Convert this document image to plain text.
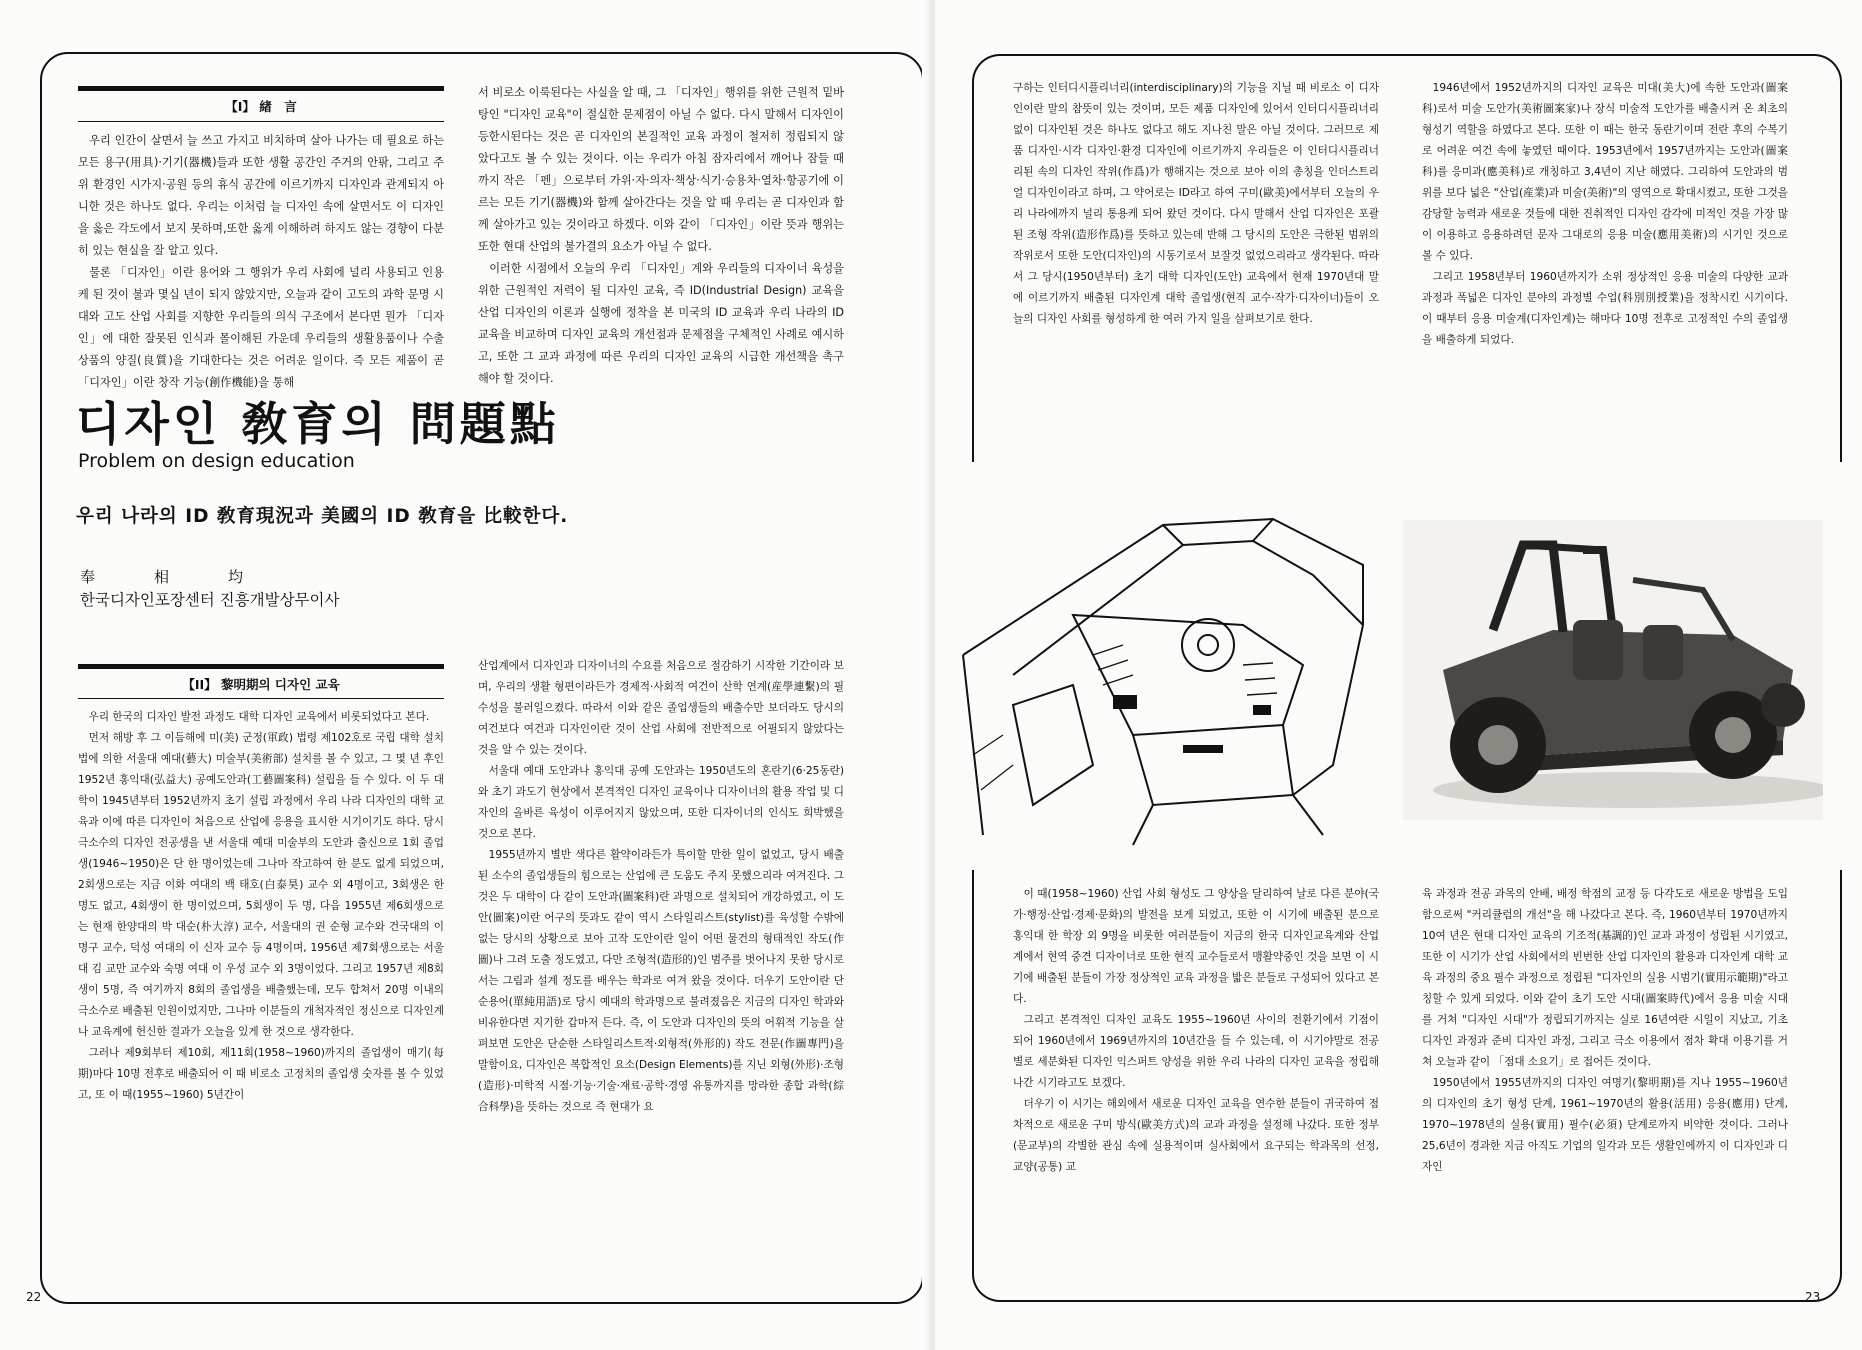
【I】 緖　言

우리 인간이 살면서 늘 쓰고 가지고 비치하며 살아 나가는 데 필요로 하는 모든 용구(用具)·기기(器機)들과 또한 생활 공간인 주거의 안팎, 그리고 주위 환경인 시가지·공원 등의 휴식 공간에 이르기까지 디자인과 관계되지 아니한 것은 하나도 없다. 우리는 이처럼 늘 디자인 속에 살면서도 이 디자인을 옳은 각도에서 보지 못하며,또한 옳게 이해하려 하지도 않는 경향이 다분히 있는 현실을 잘 알고 있다.

물론 「디자인」이란 용어와 그 행위가 우리 사회에 널리 사용되고 인용케 된 것이 불과 몇십 년이 되지 않았지만, 오늘과 같이 고도의 과학 문명 시대와 고도 산업 사회를 지향한 우리들의 의식 구조에서 본다면 뭔가 「디자인」에 대한 잘못된 인식과 몰이해된 가운데 우리들의 생활용품이나 수출 상품의 양질(良質)을 기대한다는 것은 어려운 일이다. 즉 모든 제품이 곧 「디자인」이란 창작 기능(創作機能)을 통해

서 비로소 이룩된다는 사실을 알 때, 그 「디자인」행위를 위한 근원적 밑바탕인 "디자인 교육"이 절실한 문제점이 아닐 수 없다. 다시 말해서 디자인이 등한시된다는 것은 곧 디자인의 본질적인 교육 과정이 철저히 정립되지 않았다고도 볼 수 있는 것이다. 이는 우리가 아침 잠자리에서 깨어나 잠들 때까지 작은 「펜」으로부터 가위·자·의자·책상·식기·승용차·열차·항공기에 이르는 모든 기기(器機)와 함께 살아간다는 것을 알 때 우리는 곧 디자인과 함께 살아가고 있는 것이라고 하겠다. 이와 같이 「디자인」이란 뜻과 행위는 또한 현대 산업의 불가결의 요소가 아닐 수 없다.

이러한 시점에서 오늘의 우리 「디자인」계와 우리들의 디자이너 육성을 위한 근원적인 저력이 될 디자인 교육, 즉 ID(Industrial Design) 교육을 산업 디자인의 이론과 실행에 정착을 본 미국의 ID 교육과 우리 나라의 ID 교육을 비교하며 디자인 교육의 개선점과 문제점을 구체적인 사례로 예시하고, 또한 그 교과 과정에 따른 우리의 디자인 교육의 시급한 개선책을 촉구해야 할 것이다.

디자인 敎育의 問題點
Problem on design education
우리 나라의 ID 敎育現況과 美國의 ID 敎育을 比較한다.
奉　相　均
한국디자인포장센터 진흥개발상무이사
【II】 黎明期의 디자인 교육

우리 한국의 디자인 발전 과정도 대학 디자인 교육에서 비롯되었다고 본다.

먼저 해방 후 그 이듬해에 미(美) 군정(軍政) 법령 제102호로 국립 대학 설치법에 의한 서울대 예대(藝大) 미술부(美術部) 설치를 볼 수 있고, 그 몇 년 후인 1952년 홍익대(弘益大) 공예도안과(工藝圖案科) 설립을 들 수 있다. 이 두 대학이 1945년부터 1952년까지 초기 설립 과정에서 우리 나라 디자인의 대학 교육과 이에 따른 디자인이 처음으로 산업에 응용을 표시한 시기이기도 하다. 당시 극소수의 디자인 전공생을 낸 서울대 예대 미술부의 도안과 출신으로 1회 졸업생(1946~1950)은 단 한 명이었는데 그나마 작고하여 한 분도 없게 되었으며, 2회생으로는 지금 이화 여대의 백 태호(白泰昊) 교수 외 4명이고, 3회생은 한 명도 없고, 4회생이 한 명이었으며, 5회생이 두 명, 다음 1955년 제6회생으로는 현재 한양대의 박 대순(朴大淳) 교수, 서울대의 권 순형 교수와 건국대의 이 명구 교수, 덕성 여대의 이 신자 교수 등 4명이며, 1956년 제7회생으로는 서울대 김 교만 교수와 숙명 여대 이 우성 교수 외 3명이었다. 그리고 1957년 제8회생이 5명, 즉 여기까지 8회의 졸업생을 배출했는데, 모두 합쳐서 20명 이내의 극소수로 배출된 인원이었지만, 그나마 이분들의 개척자적인 정신으로 디자인계나 교육계에 헌신한 결과가 오늘을 있게 한 것으로 생각한다.

그러나 제9회부터 제10회, 제11회(1958~1960)까지의 졸업생이 매기(每期)마다 10명 전후로 배출되어 이 때 비로소 고정치의 졸업생 숫자를 볼 수 있었고, 또 이 때(1955~1960) 5년간이

산업계에서 디자인과 디자이너의 수요를 처음으로 절감하기 시작한 기간이라 보며, 우리의 생활 형편이라든가 경제적·사회적 여건이 산학 연계(産學連繫)의 필수성을 불러일으켰다. 따라서 이와 같은 졸업생들의 배출수만 보더라도 당시의 여건보다 여건과 디자인이란 것이 산업 사회에 전반적으로 어필되지 않았다는 것을 알 수 있는 것이다.

서울대 예대 도안과나 홍익대 공예 도안과는 1950년도의 혼란기(6·25동란)와 초기 과도기 현상에서 본격적인 디자인 교육이나 디자이너의 활용 작업 및 디자인의 올바른 육성이 이루어지지 않았으며, 또한 디자이너의 인식도 희박했을 것으로 본다.

1955년까지 별반 색다른 활약이라든가 특이할 만한 일이 없었고, 당시 배출된 소수의 졸업생들의 힘으로는 산업에 큰 도움도 주지 못했으리라 여겨진다. 그것은 두 대학이 다 같이 도안과(圖案科)란 과명으로 설치되어 개강하였고, 이 도안(圖案)이란 어구의 뜻과도 같이 역시 스타일리스트(stylist)를 육성할 수밖에 없는 당시의 상황으로 보아 고작 도안이란 일이 어떤 물건의 형태적인 작도(作圖)나 그려 도출 정도였고, 다만 조형적(造形的)인 범주를 벗어나지 못한 당시로서는 그림과 설계 정도를 배우는 학과로 여겨 왔을 것이다. 더우기 도안이란 단순용어(單純用語)로 당시 예대의 학과명으로 불려졌음은 지금의 디자인 학과와 비유한다면 지기한 갑마저 든다. 즉, 이 도안과 디자인의 뜻의 어휘적 기능을 살펴보면 도안은 단순한 스타일리스트적·외형적(外形的) 작도 전문(作圖專門)을 말함이요, 디자인은 복합적인 요소(Design Elements)를 지닌 외형(外形)·조형(造形)·미학적 시점·기능·기술·재료·공학·경영 유통까지를 망라한 종합 과학(綜合科學)을 뜻하는 것으로 즉 현대가 요

22

구하는 인터디시플리너리(interdisciplinary)의 기능을 지닐 때 비로소 이 디자인이란 말의 참뜻이 있는 것이며, 모든 제품 디자인에 있어서 인터디시플리너리없이 디자인된 것은 하나도 없다고 해도 지나친 말은 아닐 것이다. 그러므로 제품 디자인·시각 디자인·환경 디자인에 이르기까지 우리들은 이 인터디시플리너리된 속의 디자인 작위(作爲)가 행해지는 것으로 보아 이의 총칭을 인더스트리얼 디자인이라고 하며, 그 약어로는 ID라고 하여 구미(歐美)에서부터 오늘의 우리 나라에까지 널리 통용케 되어 왔던 것이다. 다시 말해서 산업 디자인은 포괄된 조형 작위(造形作爲)를 뜻하고 있는데 반해 그 당시의 도안은 극한된 범위의 작위로서 또한 도안(디자인)의 시동기로서 보잘것 없었으리라고 생각된다. 따라서 그 당시(1950년부터) 초기 대학 디자인(도안) 교육에서 현재 1970년대 말에 이르기까지 배출된 디자인계 대학 졸업생(현직 교수·작가·디자이너)들이 오늘의 디자인 사회를 형성하게 한 여러 가지 일을 살펴보기로 한다.

1946년에서 1952년까지의 디자인 교육은 미대(美大)에 속한 도안과(圖案科)로서 미술 도안가(美術圖案家)나 장식 미술적 도안가를 배출시켜 온 최초의 형성기 역할을 하였다고 본다. 또한 이 때는 한국 동란기이며 전란 후의 수복기로 어려운 여건 속에 놓였던 때이다. 1953년에서 1957년까지는 도안과(圖案科)를 응미과(應美科)로 개칭하고 3,4년이 지난 해였다. 그리하여 도안과의 범위를 보다 넓은 "산업(産業)과 미술(美術)"의 영역으로 확대시켰고, 또한 그것을 감당할 능력과 새로운 것들에 대한 진취적인 디자인 감각에 미적인 것을 가장 많이 이용하고 응용하려던 문자 그대로의 응용 미술(應用美術)의 시기인 것으로 볼 수 있다.

그리고 1958년부터 1960년까지가 소위 정상적인 응용 미술의 다양한 교과 과정과 폭넓은 디자인 분야의 과정별 수업(科別別授業)을 정착시킨 시기이다. 이 때부터 응용 미술계(디자인계)는 해마다 10명 전후로 고정적인 수의 졸업생을 배출하게 되었다.

이 때(1958~1960) 산업 사회 형성도 그 양상을 달리하여 날로 다른 분야(국가·행정·산업·경제·문화)의 발전을 보게 되었고, 또한 이 시기에 배출된 분으로 홍익대 한 학장 외 9명을 비롯한 여러분들이 지금의 한국 디자인교육계와 산업계에서 현역 중견 디자이너로 또한 현직 교수들로서 맹활약중인 것을 보면 이 시기에 배출된 분들이 가장 정상적인 교육 과정을 밟은 분들로 구성되어 있다고 본다.

그리고 본격적인 디자인 교육도 1955~1960년 사이의 전환기에서 기점이 되어 1960년에서 1969년까지의 10년간을 들 수 있는데, 이 시기야말로 전공별로 세분화된 디자인 익스퍼트 양성을 위한 우리 나라의 디자인 교육을 정립해 나간 시기라고도 보겠다.

더우기 이 시기는 해외에서 새로운 디자인 교육을 연수한 분들이 귀국하여 점차적으로 새로운 구미 방식(歐美方式)의 교과 과정을 설정해 나갔다. 또한 정부(문교부)의 각별한 관심 속에 실용적이며 실사회에서 요구되는 학과목의 선정, 교양(공통) 교

육 과정과 전공 과목의 안배, 배정 학점의 교정 등 다각도로 새로운 방법을 도입함으로써 "커리큘럼의 개선"을 해 나갔다고 본다. 즉, 1960년부터 1970년까지 10여 년은 현대 디자인 교육의 기조적(基調的)인 교과 과정이 성립된 시기였고, 또한 이 시기가 산업 사회에서의 빈번한 산업 디자인의 활용과 디자인계 대학 교육 과정의 중요 필수 과정으로 정립된 "디자인의 실용 시범기(實用示範期)"라고 칭할 수 있게 되었다. 이와 같이 초기 도안 시대(圖案時代)에서 응용 미술 시대를 거쳐 "디자인 시대"가 정립되기까지는 실로 16년여란 시일이 지났고, 기초 디자인 과정과 준비 디자인 과정, 그리고 극소 이용에서 점차 확대 이용기를 거쳐 오늘과 같이 「점대 소요기」로 접어든 것이다.

1950년에서 1955년까지의 디자인 여명기(黎明期)를 지나 1955~1960년의 디자인의 초기 형성 단계, 1961~1970년의 활용(活用) 응용(應用) 단계, 1970~1978년의 실용(實用) 필수(必須) 단계로까지 비약한 것이다. 그러나 25,6년이 경과한 지금 아직도 기업의 일각과 모든 생활인에까지 이 디자인과 디자인

23
